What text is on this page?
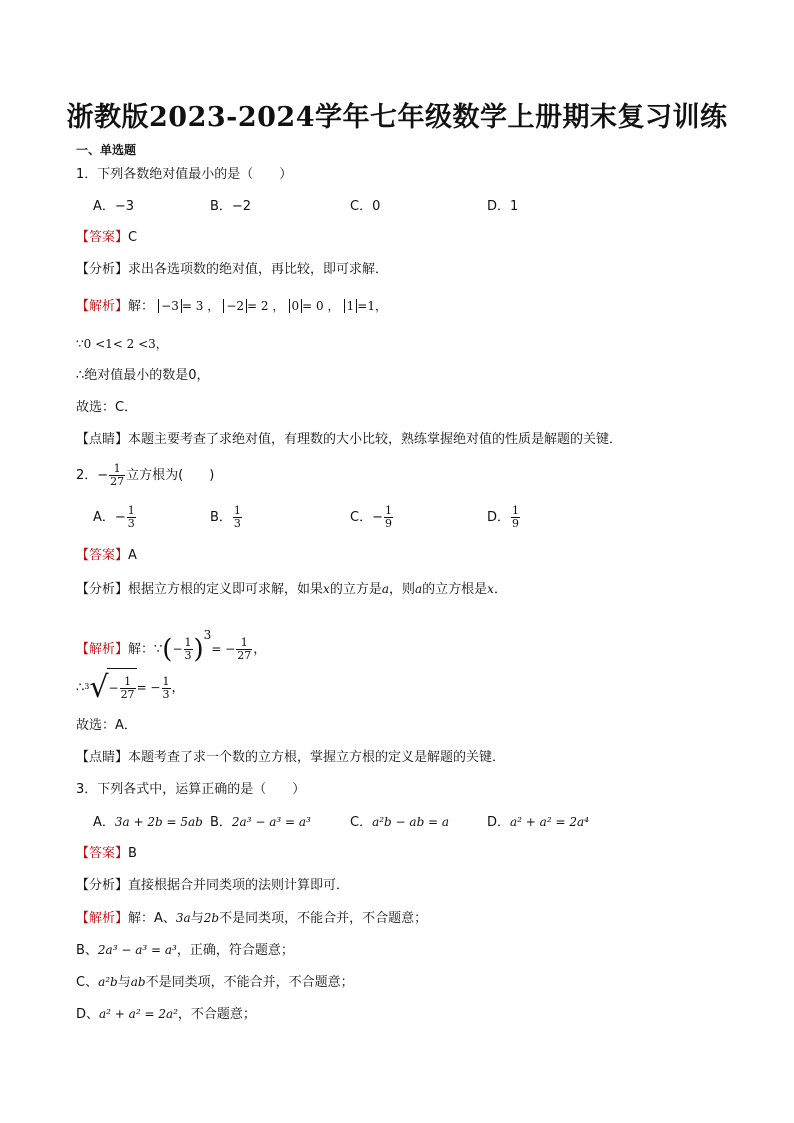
浙教版2023-2024学年七年级数学上册期末复习训练
一、单选题
1．下列各数绝对值最小的是（　　）
A．−3	B．−2	C．0	D．1
【答案】C
【分析】求出各选项数的绝对值，再比较，即可求解．
【解析】解： −3 = 3 ， −2 = 2 ， 0 = 0 ， 1 =1，
∵0 <1< 2 <3，
∴绝对值最小的数是0，
故选：C．
【点睛】本题主要考查了求绝对值，有理数的大小比较，熟练掌握绝对值的性质是解题的关键．
2．− $\frac{1}{27}$ 立方根为(　　)
A．− $\frac{1}{3}$	B． $\frac{1}{3}$	C．− $\frac{1}{9}$	D． $\frac{1}{9}$
【答案】A
【分析】根据立方根的定义即可求解，如果x的立方是a，则a的立方根是x．
【解析】解：∵(− $\frac{1}{3} )^3= - \frac{1}{27}$ ，
∴$^3$√− $\frac{1}{27}$ = − $\frac{1}{3}$ ，
故选：A．
【点睛】本题考查了求一个数的立方根，掌握立方根的定义是解题的关键．
3．下列各式中，运算正确的是（　　）
A．3a + 2b = 5ab B．2a³ − a³ = a³	C．a²b − ab = a	D．a² + a² = 2a⁴
【答案】B
【分析】直接根据合并同类项的法则计算即可．
【解析】解：A、3a与2b不是同类项，不能合并，不合题意；
B、2a³ − a³ = a³，正确，符合题意；
C、a²b与ab不是同类项，不能合并，不合题意；
D、a² + a² = 2a²，不合题意；
